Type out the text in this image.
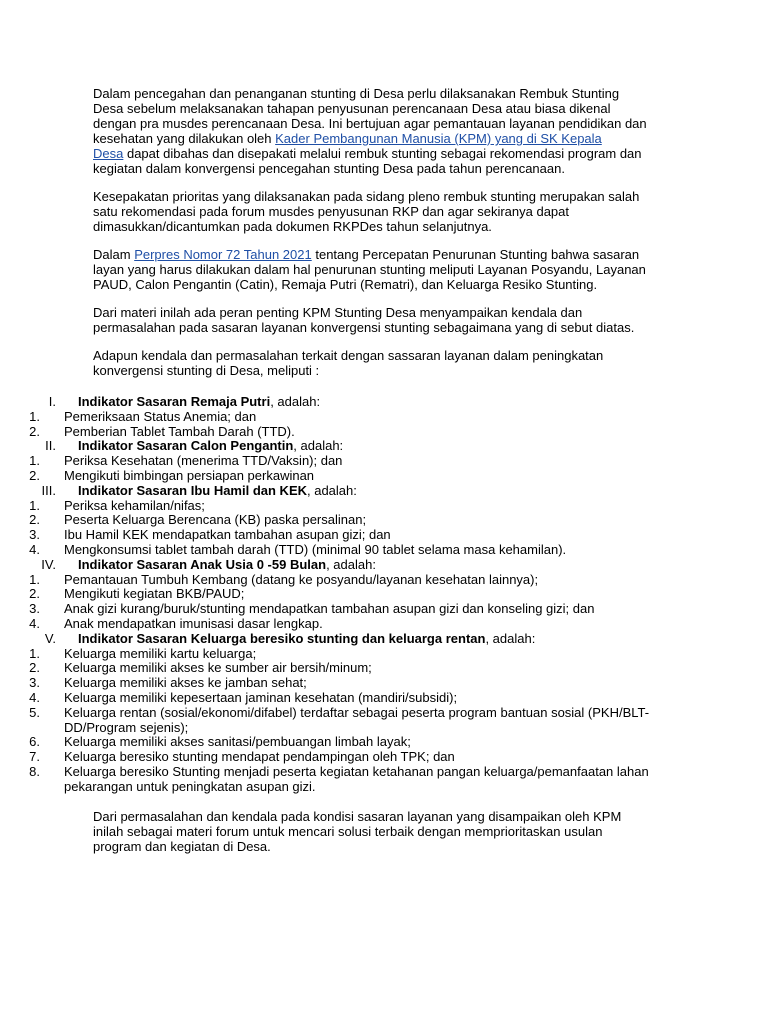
Dalam pencegahan dan penanganan stunting di Desa perlu dilaksanakan Rembuk Stunting
Desa sebelum melaksanakan tahapan penyusunan perencanaan Desa atau biasa dikenal
dengan pra musdes perencanaan Desa. Ini bertujuan agar pemantauan layanan pendidikan dan
kesehatan yang dilakukan oleh Kader Pembangunan Manusia (KPM) yang di SK Kepala
Desa dapat dibahas dan disepakati melalui rembuk stunting sebagai rekomendasi program dan
kegiatan dalam konvergensi pencegahan stunting Desa pada tahun perencanaan.

Kesepakatan prioritas yang dilaksanakan pada sidang pleno rembuk stunting merupakan salah
satu rekomendasi pada forum musdes penyusunan RKP dan agar sekiranya dapat
dimasukkan/dicantumkan pada dokumen RKPDes tahun selanjutnya.

Dalam Perpres Nomor 72 Tahun 2021 tentang Percepatan Penurunan Stunting bahwa sasaran
layan yang harus dilakukan dalam hal penurunan stunting meliputi Layanan Posyandu, Layanan
PAUD, Calon Pengantin (Catin), Remaja Putri (Rematri), dan Keluarga Resiko Stunting.

Dari materi inilah ada peran penting KPM Stunting Desa menyampaikan kendala dan
permasalahan pada sasaran layanan konvergensi stunting sebagaimana yang di sebut diatas.

Adapun kendala dan permasalahan terkait dengan sassaran layanan dalam peningkatan
konvergensi stunting di Desa, meliputi :

I. Indikator Sasaran Remaja Putri, adalah:
1. Pemeriksaan Status Anemia; dan
2. Pemberian Tablet Tambah Darah (TTD).
II. Indikator Sasaran Calon Pengantin, adalah:
1. Periksa Kesehatan (menerima TTD/Vaksin); dan
2. Mengikuti bimbingan persiapan perkawinan
III. Indikator Sasaran Ibu Hamil dan KEK, adalah:
1. Periksa kehamilan/nifas;
2. Peserta Keluarga Berencana (KB) paska persalinan;
3. Ibu Hamil KEK mendapatkan tambahan asupan gizi; dan
4. Mengkonsumsi tablet tambah darah (TTD) (minimal 90 tablet selama masa kehamilan).
IV. Indikator Sasaran Anak Usia 0 -59 Bulan, adalah:
1. Pemantauan Tumbuh Kembang (datang ke posyandu/layanan kesehatan lainnya);
2. Mengikuti kegiatan BKB/PAUD;
3. Anak gizi kurang/buruk/stunting mendapatkan tambahan asupan gizi dan konseling gizi; dan
4. Anak mendapatkan imunisasi dasar lengkap.
V. Indikator Sasaran Keluarga beresiko stunting dan keluarga rentan, adalah:
1. Keluarga memiliki kartu keluarga;
2. Keluarga memiliki akses ke sumber air bersih/minum;
3. Keluarga memiliki akses ke jamban sehat;
4. Keluarga memiliki kepesertaan jaminan kesehatan (mandiri/subsidi);
5. Keluarga rentan (sosial/ekonomi/difabel) terdaftar sebagai peserta program bantuan sosial (PKH/BLT-DD/Program sejenis);
6. Keluarga memiliki akses sanitasi/pembuangan limbah layak;
7. Keluarga beresiko stunting mendapat pendampingan oleh TPK; dan
8. Keluarga beresiko Stunting menjadi peserta kegiatan ketahanan pangan keluarga/pemanfaatan lahan pekarangan untuk peningkatan asupan gizi.

Dari permasalahan dan kendala pada kondisi sasaran layanan yang disampaikan oleh KPM
inilah sebagai materi forum untuk mencari solusi terbaik dengan memprioritaskan usulan
program dan kegiatan di Desa.
